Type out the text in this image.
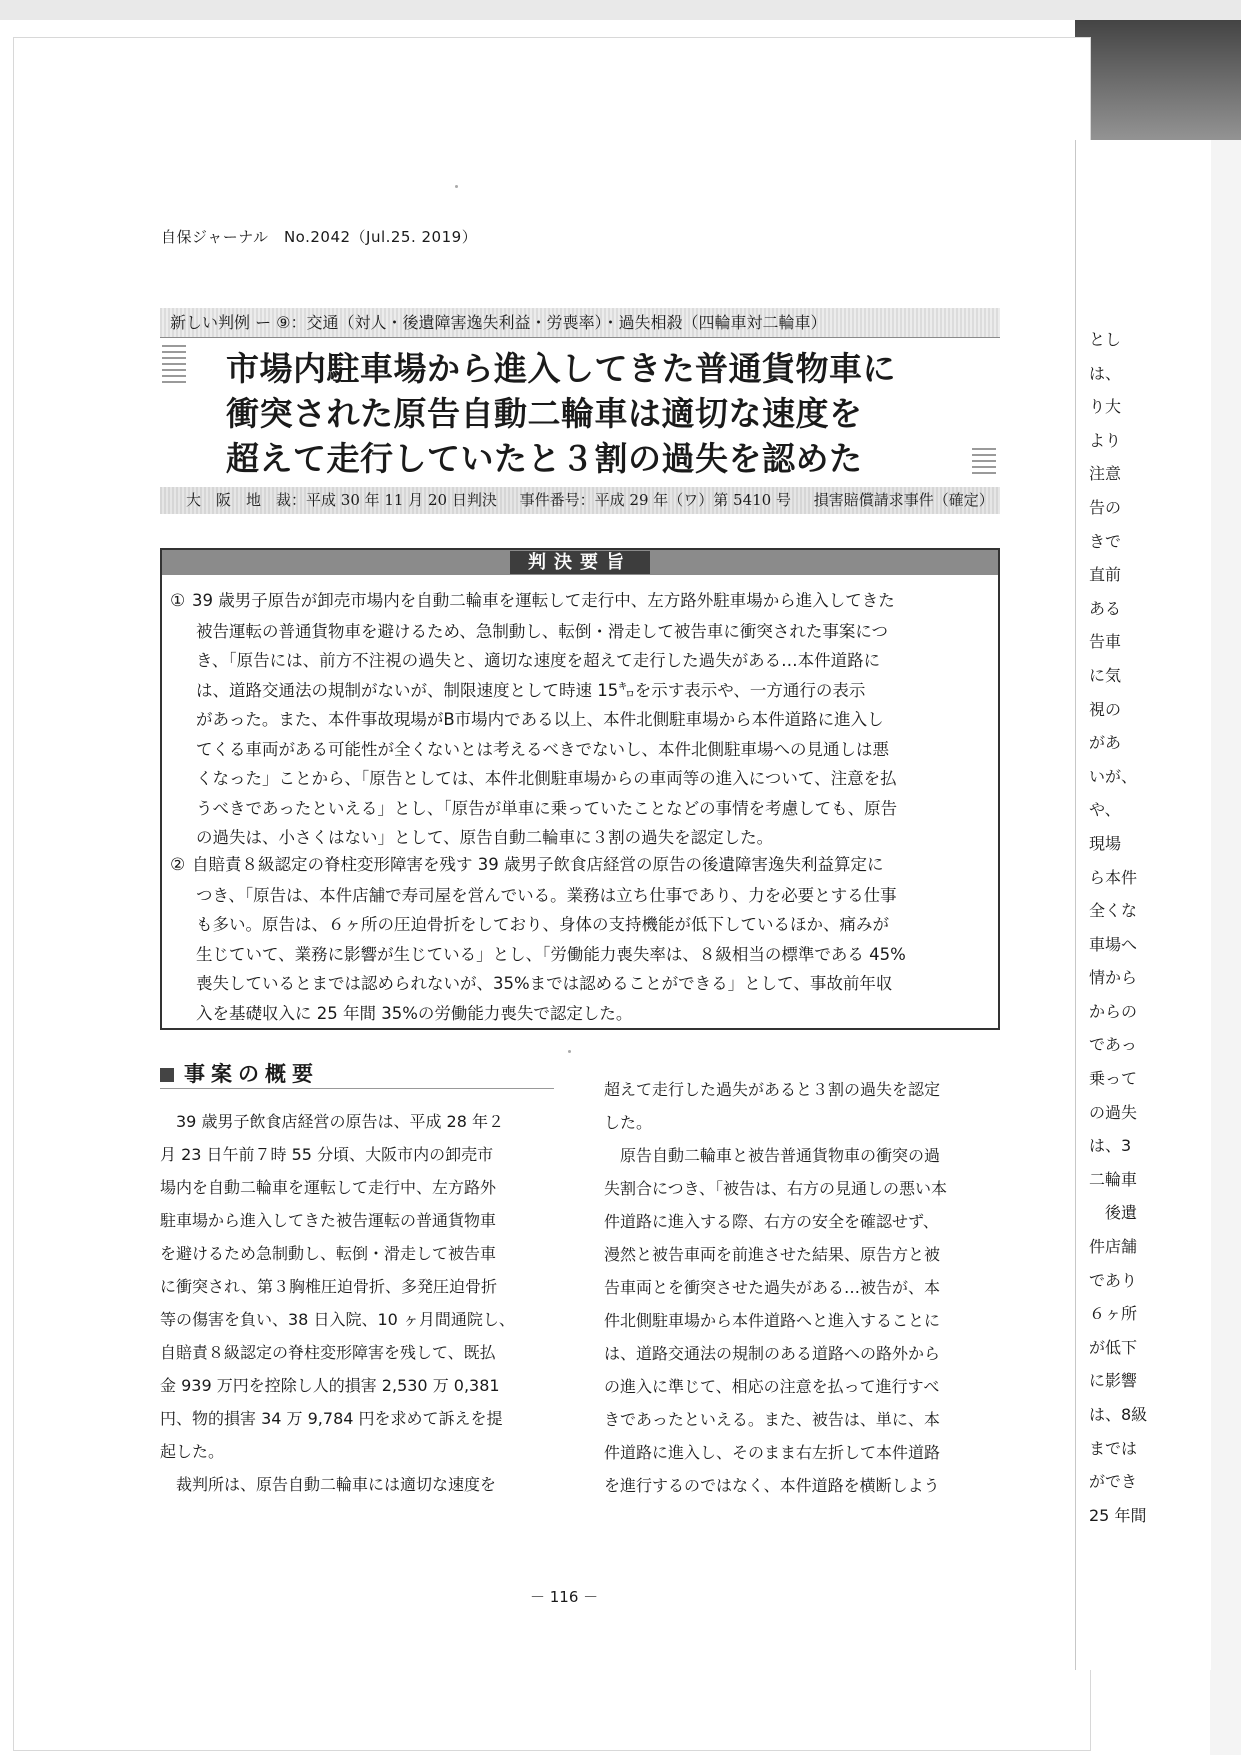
自保ジャーナル　No.2042（Jul.25. 2019）
新しい判例 ー ⑨：交通（対人・後遺障害逸失利益・労喪率）・過失相殺（四輪車対二輪車）
市場内駐車場から進入してきた普通貨物車に
衝突された原告自動二輪車は適切な速度を
超えて走行していたと３割の過失を認めた
大　阪　地　裁：平成 30 年 11 月 20 日判決 事件番号：平成 29 年（ワ）第 5410 号 損害賠償請求事件（確定）
判決要旨
① 39 歳男子原告が卸売市場内を自動二輪車を運転して走行中、左方路外駐車場から進入してきた
被告運転の普通貨物車を避けるため、急制動し、転倒・滑走して被告車に衝突された事案につ
き、「原告には、前方不注視の過失と、適切な速度を超えて走行した過失がある…本件道路に
は、道路交通法の規制がないが、制限速度として時速 15㌔を示す表示や、一方通行の表示
があった。また、本件事故現場がB市場内である以上、本件北側駐車場から本件道路に進入し
てくる車両がある可能性が全くないとは考えるべきでないし、本件北側駐車場への見通しは悪
くなった」ことから、「原告としては、本件北側駐車場からの車両等の進入について、注意を払
うべきであったといえる」とし、「原告が単車に乗っていたことなどの事情を考慮しても、原告
の過失は、小さくはない」として、原告自動二輪車に３割の過失を認定した。
② 自賠責８級認定の脊柱変形障害を残す 39 歳男子飲食店経営の原告の後遺障害逸失利益算定に
つき、「原告は、本件店舗で寿司屋を営んでいる。業務は立ち仕事であり、力を必要とする仕事
も多い。原告は、６ヶ所の圧迫骨折をしており、身体の支持機能が低下しているほか、痛みが
生じていて、業務に影響が生じている」とし、「労働能力喪失率は、８級相当の標準である 45%
喪失しているとまでは認められないが、35%までは認めることができる」として、事故前年収
入を基礎収入に 25 年間 35%の労働能力喪失で認定した。
事案の概要
　39 歳男子飲食店経営の原告は、平成 28 年２
月 23 日午前７時 55 分頃、大阪市内の卸売市
場内を自動二輪車を運転して走行中、左方路外
駐車場から進入してきた被告運転の普通貨物車
を避けるため急制動し、転倒・滑走して被告車
に衝突され、第３胸椎圧迫骨折、多発圧迫骨折
等の傷害を負い、38 日入院、10 ヶ月間通院し、
自賠責８級認定の脊柱変形障害を残して、既払
金 939 万円を控除し人的損害 2,530 万 0,381
円、物的損害 34 万 9,784 円を求めて訴えを提
起した。
　裁判所は、原告自動二輪車には適切な速度を
超えて走行した過失があると３割の過失を認定
した。
　原告自動二輪車と被告普通貨物車の衝突の過
失割合につき、「被告は、右方の見通しの悪い本
件道路に進入する際、右方の安全を確認せず、
漫然と被告車両を前進させた結果、原告方と被
告車両とを衝突させた過失がある…被告が、本
件北側駐車場から本件道路へと進入することに
は、道路交通法の規制のある道路への路外から
の進入に準じて、相応の注意を払って進行すべ
きであったといえる。また、被告は、単に、本
件道路に進入し、そのまま右左折して本件道路
を進行するのではなく、本件道路を横断しよう
－ 116 －
とし
は、
り大
より
注意
告の
きで
直前
ある
告車
に気
視の
があ
いが、
や、
現場
ら本件
全くな
車場へ
情から
からの
であっ
乗って
の過失
は、3
二輪車
　後遺
件店舗
であり
６ヶ所
が低下
に影響
は、8級
までは
ができ
25 年間
